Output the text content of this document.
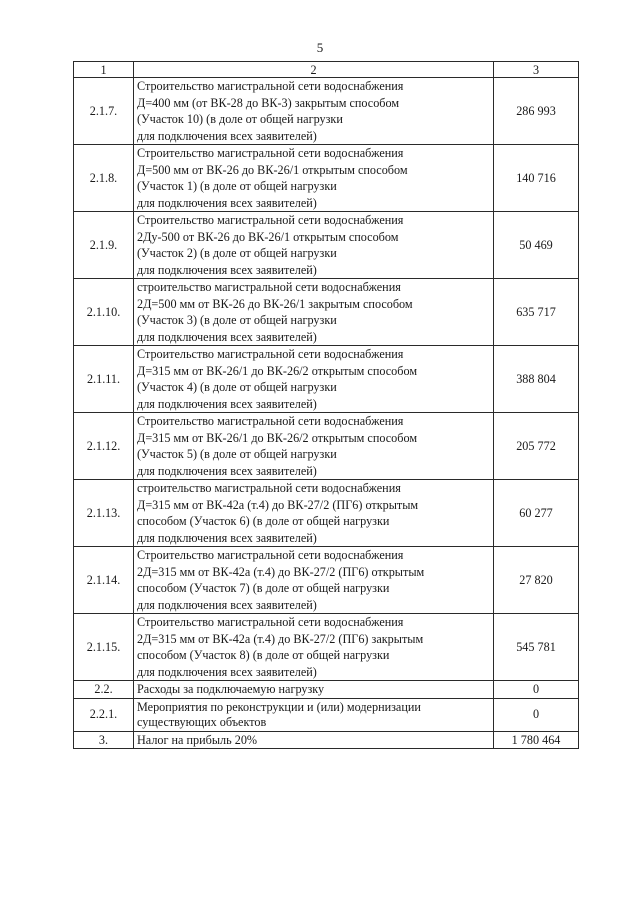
5
1	2	3
2.1.7.	Строительство магистральной сети водоснабжения
Д=400 мм (от ВК-28 до ВК-3) закрытым способом
(Участок 10) (в доле от общей нагрузки
для подключения всех заявителей)	286 993
2.1.8.	Строительство магистральной сети водоснабжения
Д=500 мм от ВК-26 до ВК-26/1 открытым способом
(Участок 1) (в доле от общей нагрузки
для подключения всех заявителей)	140 716
2.1.9.	Строительство магистральной сети водоснабжения
2Ду-500 от ВК-26 до ВК-26/1 открытым способом
(Участок 2) (в доле от общей нагрузки
для подключения всех заявителей)	50 469
2.1.10.	строительство магистральной сети водоснабжения
2Д=500 мм от ВК-26 до ВК-26/1 закрытым способом
(Участок 3) (в доле от общей нагрузки
для подключения всех заявителей)	635 717
2.1.11.	Строительство магистральной сети водоснабжения
Д=315 мм от ВК-26/1 до ВК-26/2 открытым способом
(Участок 4) (в доле от общей нагрузки
для подключения всех заявителей)	388 804
2.1.12.	Строительство магистральной сети водоснабжения
Д=315 мм от ВК-26/1 до ВК-26/2 открытым способом
(Участок 5) (в доле от общей нагрузки
для подключения всех заявителей)	205 772
2.1.13.	строительство магистральной сети водоснабжения
Д=315 мм от ВК-42а (т.4) до ВК-27/2 (ПГ6) открытым
способом (Участок 6) (в доле от общей нагрузки
для подключения всех заявителей)	60 277
2.1.14.	Строительство магистральной сети водоснабжения
2Д=315 мм от ВК-42а (т.4) до ВК-27/2 (ПГ6) открытым
способом (Участок 7) (в доле от общей нагрузки
для подключения всех заявителей)	27 820
2.1.15.	Строительство магистральной сети водоснабжения
2Д=315 мм от ВК-42а (т.4) до ВК-27/2 (ПГ6) закрытым
способом (Участок 8) (в доле от общей нагрузки
для подключения всех заявителей)	545 781
2.2.	Расходы за подключаемую нагрузку	0
2.2.1.	Мероприятия по реконструкции и (или) модернизации
существующих объектов	0
3.	Налог на прибыль 20%	1 780 464
